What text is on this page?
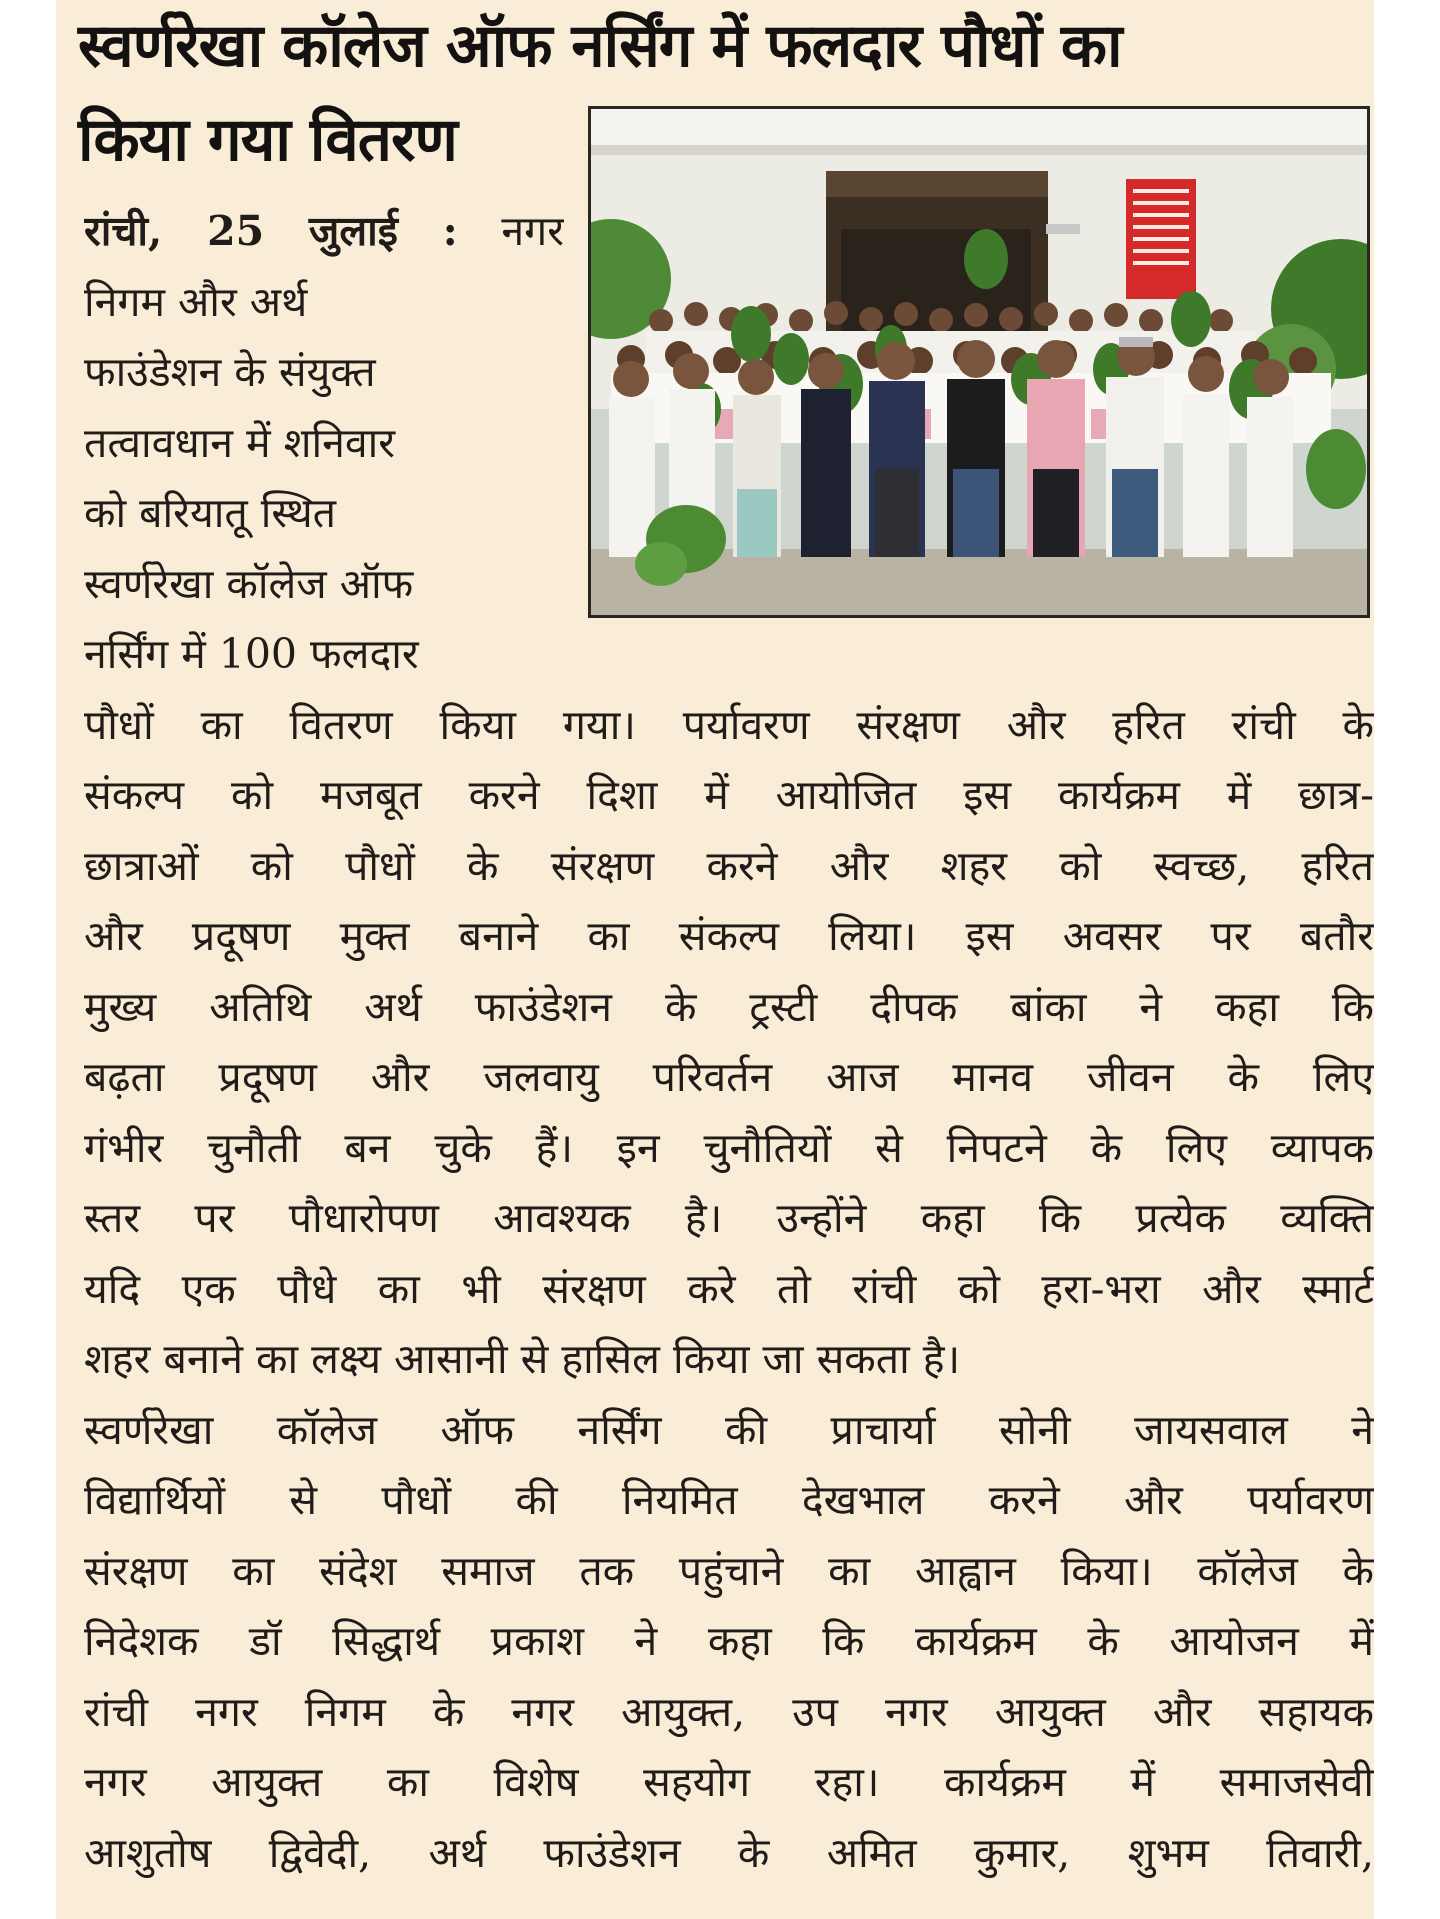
स्वर्णरेखा कॉलेज ऑफ नर्सिंग में फलदार पौधों का
किया गया वितरण
रांची, 25 जुलाई : नगर
निगम और अर्थ
फाउंडेशन के संयुक्त
तत्वावधान में शनिवार
को बरियातू स्थित
स्वर्णरेखा कॉलेज ऑफ
नर्सिंग में 100 फलदार
पौधों का वितरण किया गया। पर्यावरण संरक्षण और हरित रांची के
संकल्प को मजबूत करने दिशा में आयोजित इस कार्यक्रम में छात्र-
छात्राओं को पौधों के संरक्षण करने और शहर को स्वच्छ, हरित
और प्रदूषण मुक्त बनाने का संकल्प लिया। इस अवसर पर बतौर
मुख्य अतिथि अर्थ फाउंडेशन के ट्रस्टी दीपक बांका ने कहा कि
बढ़ता प्रदूषण और जलवायु परिवर्तन आज मानव जीवन के लिए
गंभीर चुनौती बन चुके हैं। इन चुनौतियों से निपटने के लिए व्यापक
स्तर पर पौधारोपण आवश्यक है। उन्होंने कहा कि प्रत्येक व्यक्ति
यदि एक पौधे का भी संरक्षण करे तो रांची को हरा-भरा और स्मार्ट
शहर बनाने का लक्ष्य आसानी से हासिल किया जा सकता है।
स्वर्णरेखा कॉलेज ऑफ नर्सिंग की प्राचार्या सोनी जायसवाल ने
विद्यार्थियों से पौधों की नियमित देखभाल करने और पर्यावरण
संरक्षण का संदेश समाज तक पहुंचाने का आह्वान किया। कॉलेज के
निदेशक डॉ सिद्धार्थ प्रकाश ने कहा कि कार्यक्रम के आयोजन में
रांची नगर निगम के नगर आयुक्त, उप नगर आयुक्त और सहायक
नगर आयुक्त का विशेष सहयोग रहा। कार्यक्रम में समाजसेवी
आशुतोष द्विवेदी, अर्थ फाउंडेशन के अमित कुमार, शुभम तिवारी,
